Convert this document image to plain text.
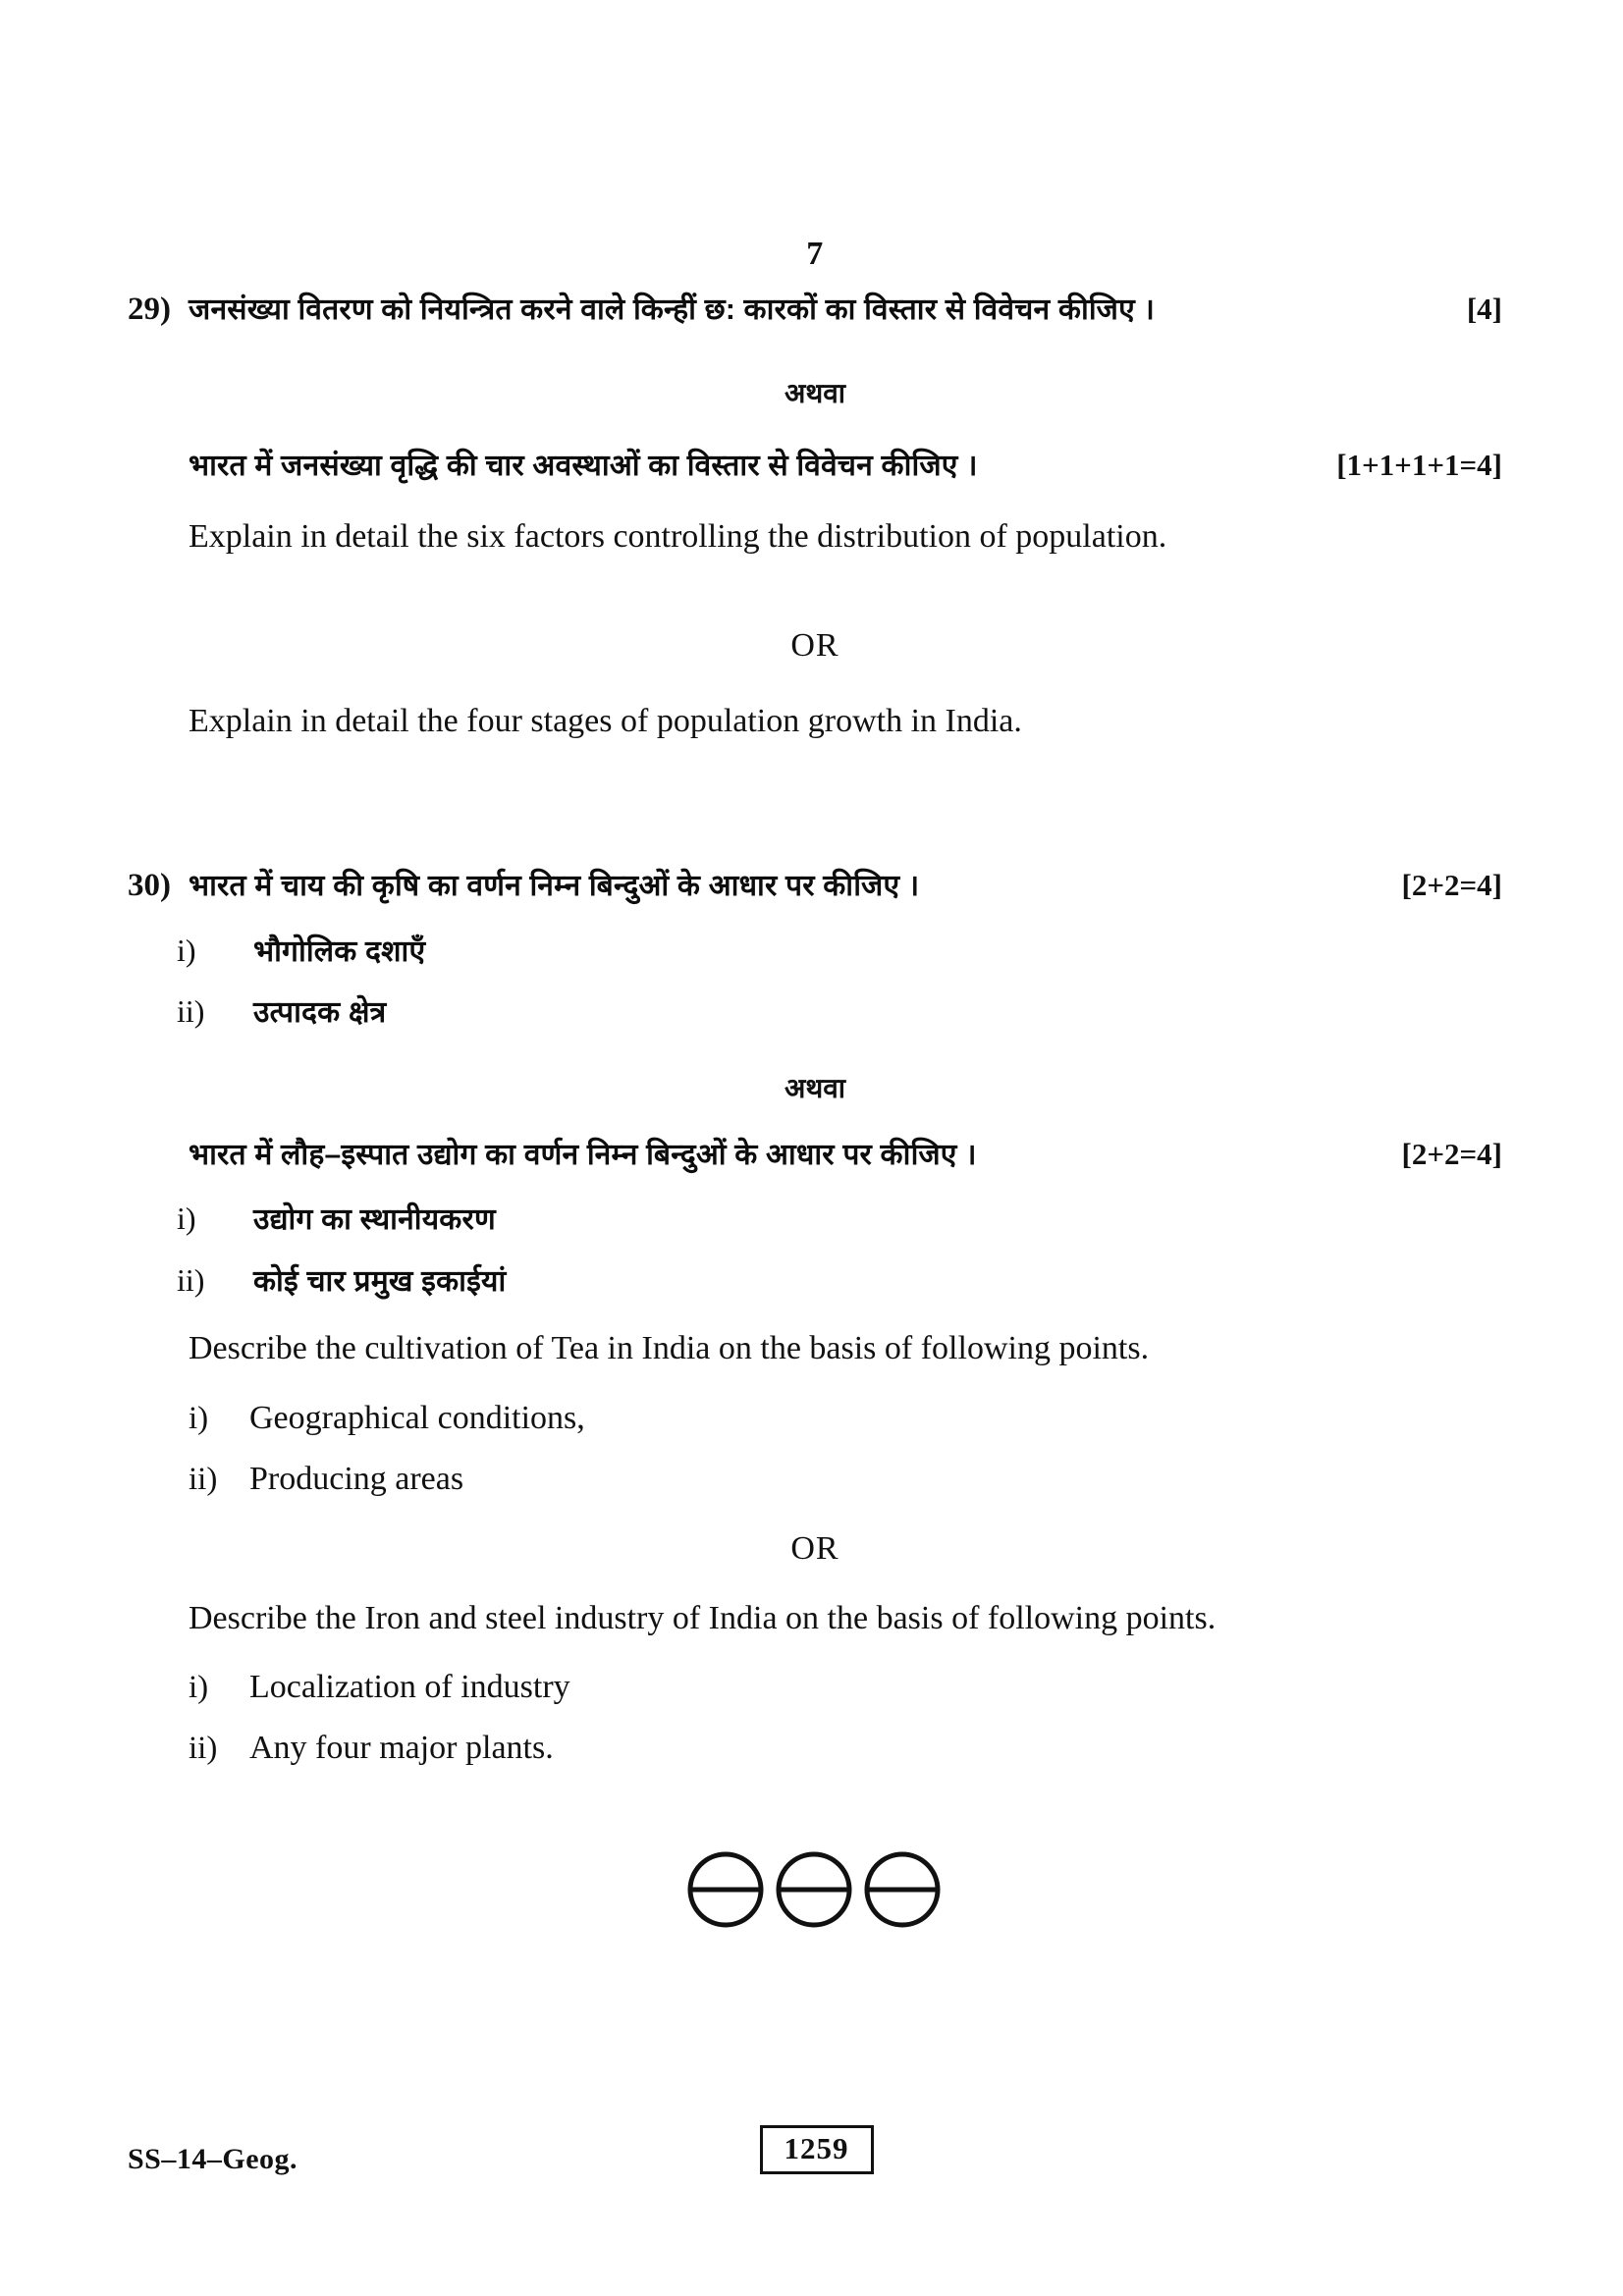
7
29) जनसंख्या वितरण को नियन्त्रित करने वाले किन्हीं छ: कारकों का विस्तार से विवेचन कीजिए ।	[4]
अथवा
भारत में जनसंख्या वृद्धि की चार अवस्थाओं का विस्तार से विवेचन कीजिए ।	[1+1+1+1=4]
Explain in detail the six factors controlling the distribution of population.
OR
Explain in detail the four stages of population growth in India.
30) भारत में चाय की कृषि का वर्णन निम्न बिन्दुओं के आधार पर कीजिए ।	[2+2=4]
i)	भौगोलिक दशाएँ
ii)	उत्पादक क्षेत्र
अथवा
भारत में लौह–इस्पात उद्योग का वर्णन निम्न बिन्दुओं के आधार पर कीजिए ।	[2+2=4]
i)	उद्योग का स्थानीयकरण
ii)	कोई चार प्रमुख इकाईयां
Describe the cultivation of Tea in India on the basis of following points.
i)	Geographical conditions,
ii) Producing areas
OR
Describe the Iron and steel industry of India on the basis of following points.
i)	Localization of industry
ii) Any four major plants.
SS–14–Geog.	1259
